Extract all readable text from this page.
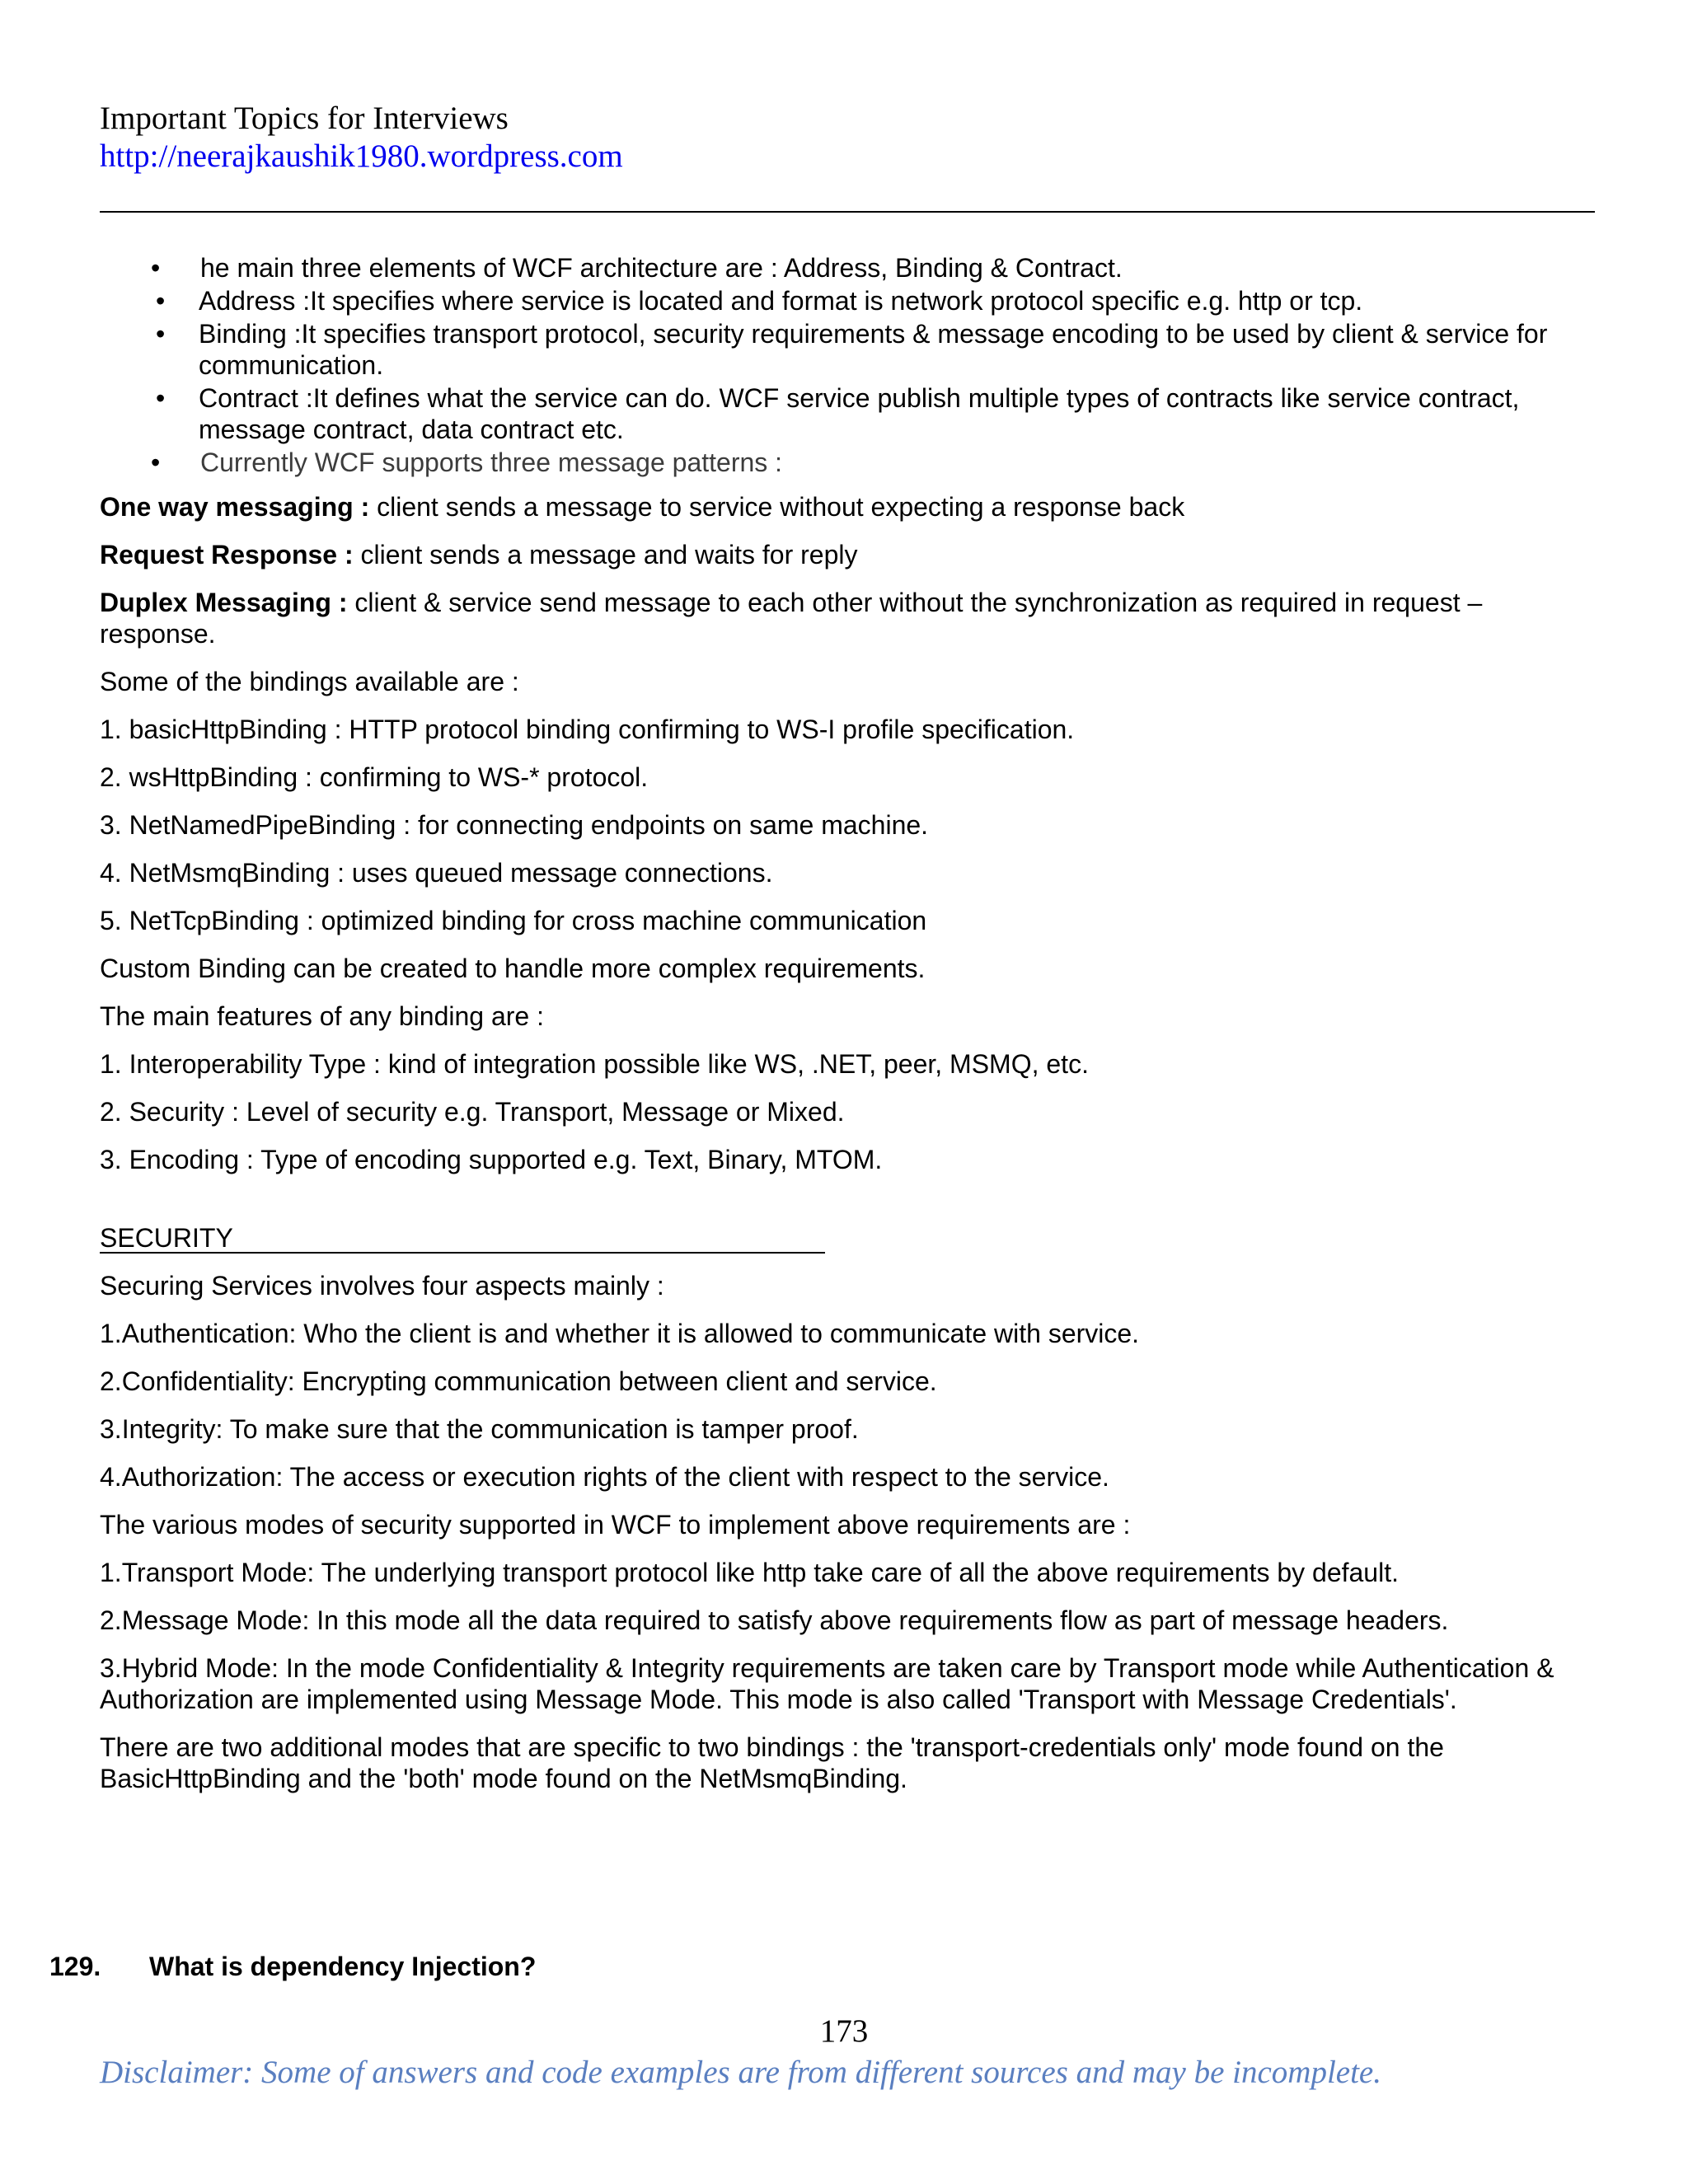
Important Topics for Interviews
http://neerajkaushik1980.wordpress.com
• he main three elements of WCF architecture are : Address, Binding & Contract.
• Address :It specifies where service is located and format is network protocol specific e.g. http or tcp.
• Binding :It specifies transport protocol, security requirements & message encoding to be used by client & service for communication.
• Contract :It defines what the service can do. WCF service publish multiple types of contracts like service contract, message contract, data contract etc.
• Currently WCF supports three message patterns :

One way messaging : client sends a message to service without expecting a response back

Request Response : client sends a message and waits for reply

Duplex Messaging : client & service send message to each other without the synchronization as required in request – response.

Some of the bindings available are :

1. basicHttpBinding : HTTP protocol binding confirming to WS-I profile specification.

2. wsHttpBinding : confirming to WS-* protocol.

3. NetNamedPipeBinding : for connecting endpoints on same machine.

4. NetMsmqBinding : uses queued message connections.

5. NetTcpBinding : optimized binding for cross machine communication

Custom Binding can be created to handle more complex requirements.

The main features of any binding are :

1. Interoperability Type : kind of integration possible like WS, .NET, peer, MSMQ, etc.

2. Security : Level of security e.g. Transport, Message or Mixed.

3. Encoding : Type of encoding supported e.g. Text, Binary, MTOM.

SECURITY

Securing Services involves four aspects mainly :

1.Authentication: Who the client is and whether it is allowed to communicate with service.

2.Confidentiality: Encrypting communication between client and service.

3.Integrity: To make sure that the communication is tamper proof.

4.Authorization: The access or execution rights of the client with respect to the service.

The various modes of security supported in WCF to implement above requirements are :

1.Transport Mode: The underlying transport protocol like http take care of all the above requirements by default.

2.Message Mode: In this mode all the data required to satisfy above requirements flow as part of message headers.

3.Hybrid Mode: In the mode Confidentiality & Integrity requirements are taken care by Transport mode while Authentication & Authorization are implemented using Message Mode. This mode is also called 'Transport with Message Credentials'.

There are two additional modes that are specific to two bindings : the 'transport-credentials only' mode found on the BasicHttpBinding and the 'both' mode found on the NetMsmqBinding.

129. What is dependency Injection?
173
Disclaimer: Some of answers and code examples are from different sources and may be incomplete.
